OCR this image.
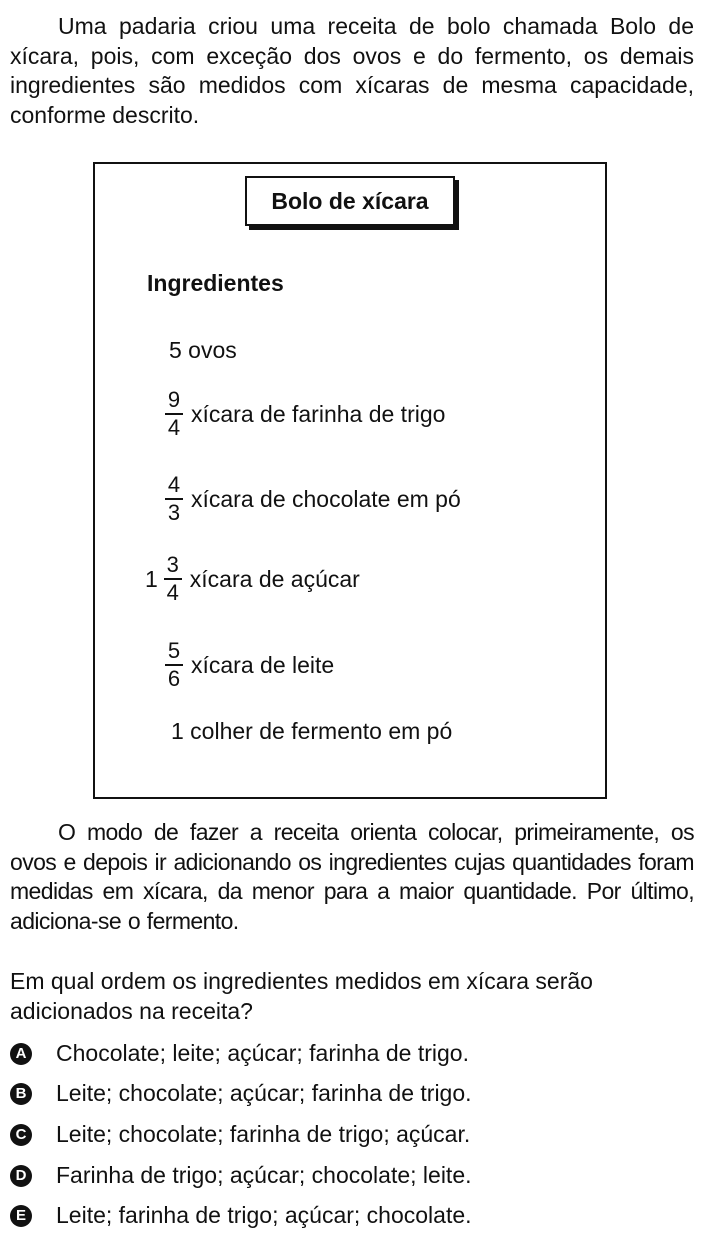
Uma padaria criou uma receita de bolo chamada Bolo de xícara, pois, com exceção dos ovos e do fermento, os demais ingredientes são medidos com xícaras de mesma capacidade, conforme descrito.

Bolo de xícara
Ingredientes
5 ovos
$\frac{9}{4}$ xícara de farinha de trigo
$\frac{4}{3}$ xícara de chocolate em pó
$1 \frac{3}{4}$ xícara de açúcar
$\frac{5}{6}$ xícara de leite
1 colher de fermento em pó

O modo de fazer a receita orienta colocar, primeiramente, os ovos e depois ir adicionando os ingredientes cujas quantidades foram medidas em xícara, da menor para a maior quantidade. Por último, adiciona-se o fermento.

Em qual ordem os ingredientes medidos em xícara serão adicionados na receita?

A Chocolate; leite; açúcar; farinha de trigo.
B Leite; chocolate; açúcar; farinha de trigo.
C Leite; chocolate; farinha de trigo; açúcar.
D Farinha de trigo; açúcar; chocolate; leite.
E Leite; farinha de trigo; açúcar; chocolate.
